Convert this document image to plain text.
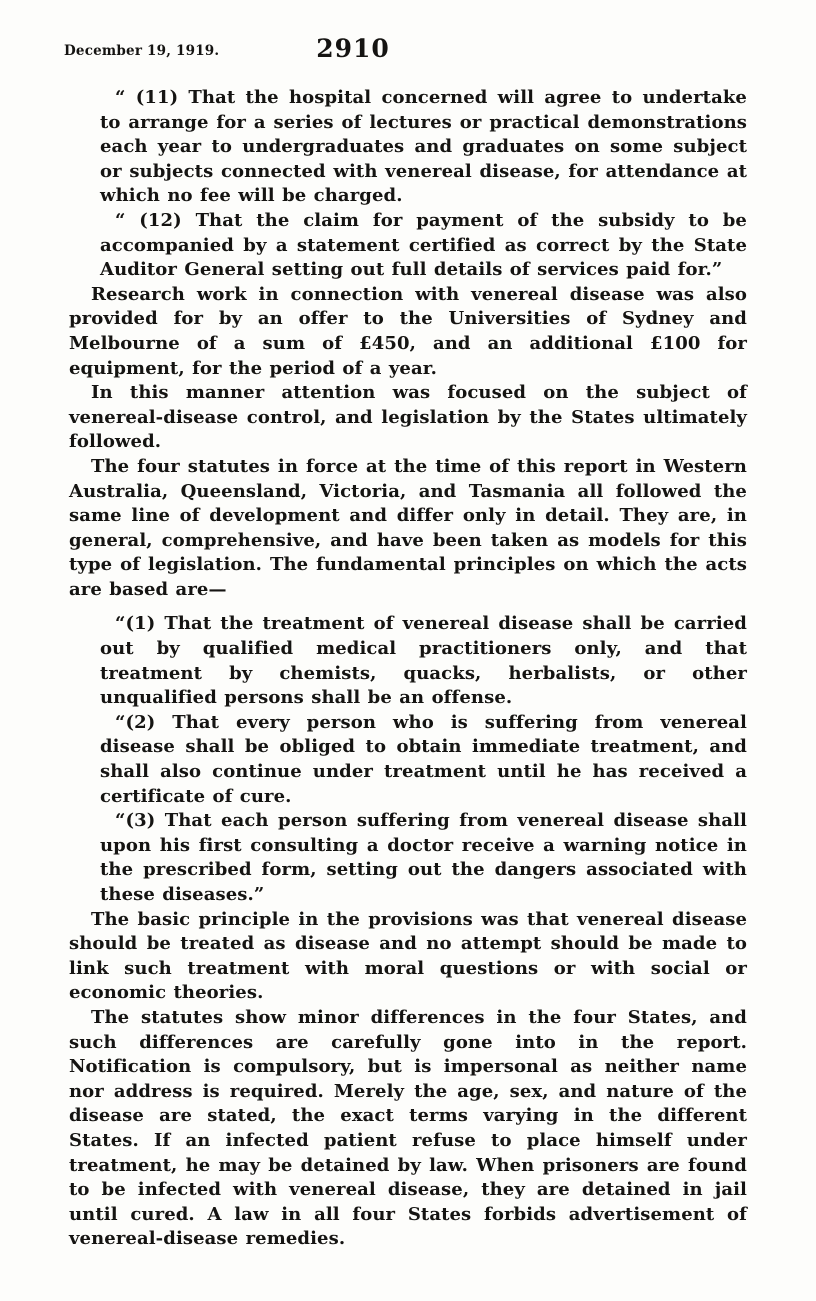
December 19, 1919.	2910

“ (11) That the hospital concerned will agree to undertake to arrange for a series of lectures or practical demonstrations each year to undergraduates and graduates on some subject or subjects connected with venereal disease, for attendance at which no fee will be charged.

“ (12) That the claim for payment of the subsidy to be accompanied by a statement certified as correct by the State Auditor General setting out full details of services paid for.”

Research work in connection with venereal disease was also provided for by an offer to the Universities of Sydney and Melbourne of a sum of £450, and an additional £100 for equipment, for the period of a year.

In this manner attention was focused on the subject of venereal-disease control, and legislation by the States ultimately followed.

The four statutes in force at the time of this report in Western Australia, Queensland, Victoria, and Tasmania all followed the same line of development and differ only in detail. They are, in general, comprehensive, and have been taken as models for this type of legislation. The fundamental principles on which the acts are based are—

“(1) That the treatment of venereal disease shall be carried out by qualified medical practitioners only, and that treatment by chemists, quacks, herbalists, or other unqualified persons shall be an offense.

“(2) That every person who is suffering from venereal disease shall be obliged to obtain immediate treatment, and shall also continue under treatment until he has received a certificate of cure.

“(3) That each person suffering from venereal disease shall upon his first consulting a doctor receive a warning notice in the prescribed form, setting out the dangers associated with these diseases.”

The basic principle in the provisions was that venereal disease should be treated as disease and no attempt should be made to link such treatment with moral questions or with social or economic theories.

The statutes show minor differences in the four States, and such differences are carefully gone into in the report. Notification is compulsory, but is impersonal as neither name nor address is required. Merely the age, sex, and nature of the disease are stated, the exact terms varying in the different States. If an infected patient refuse to place himself under treatment, he may be detained by law. When prisoners are found to be infected with venereal disease, they are detained in jail until cured. A law in all four States forbids advertisement of venereal-disease remedies.
